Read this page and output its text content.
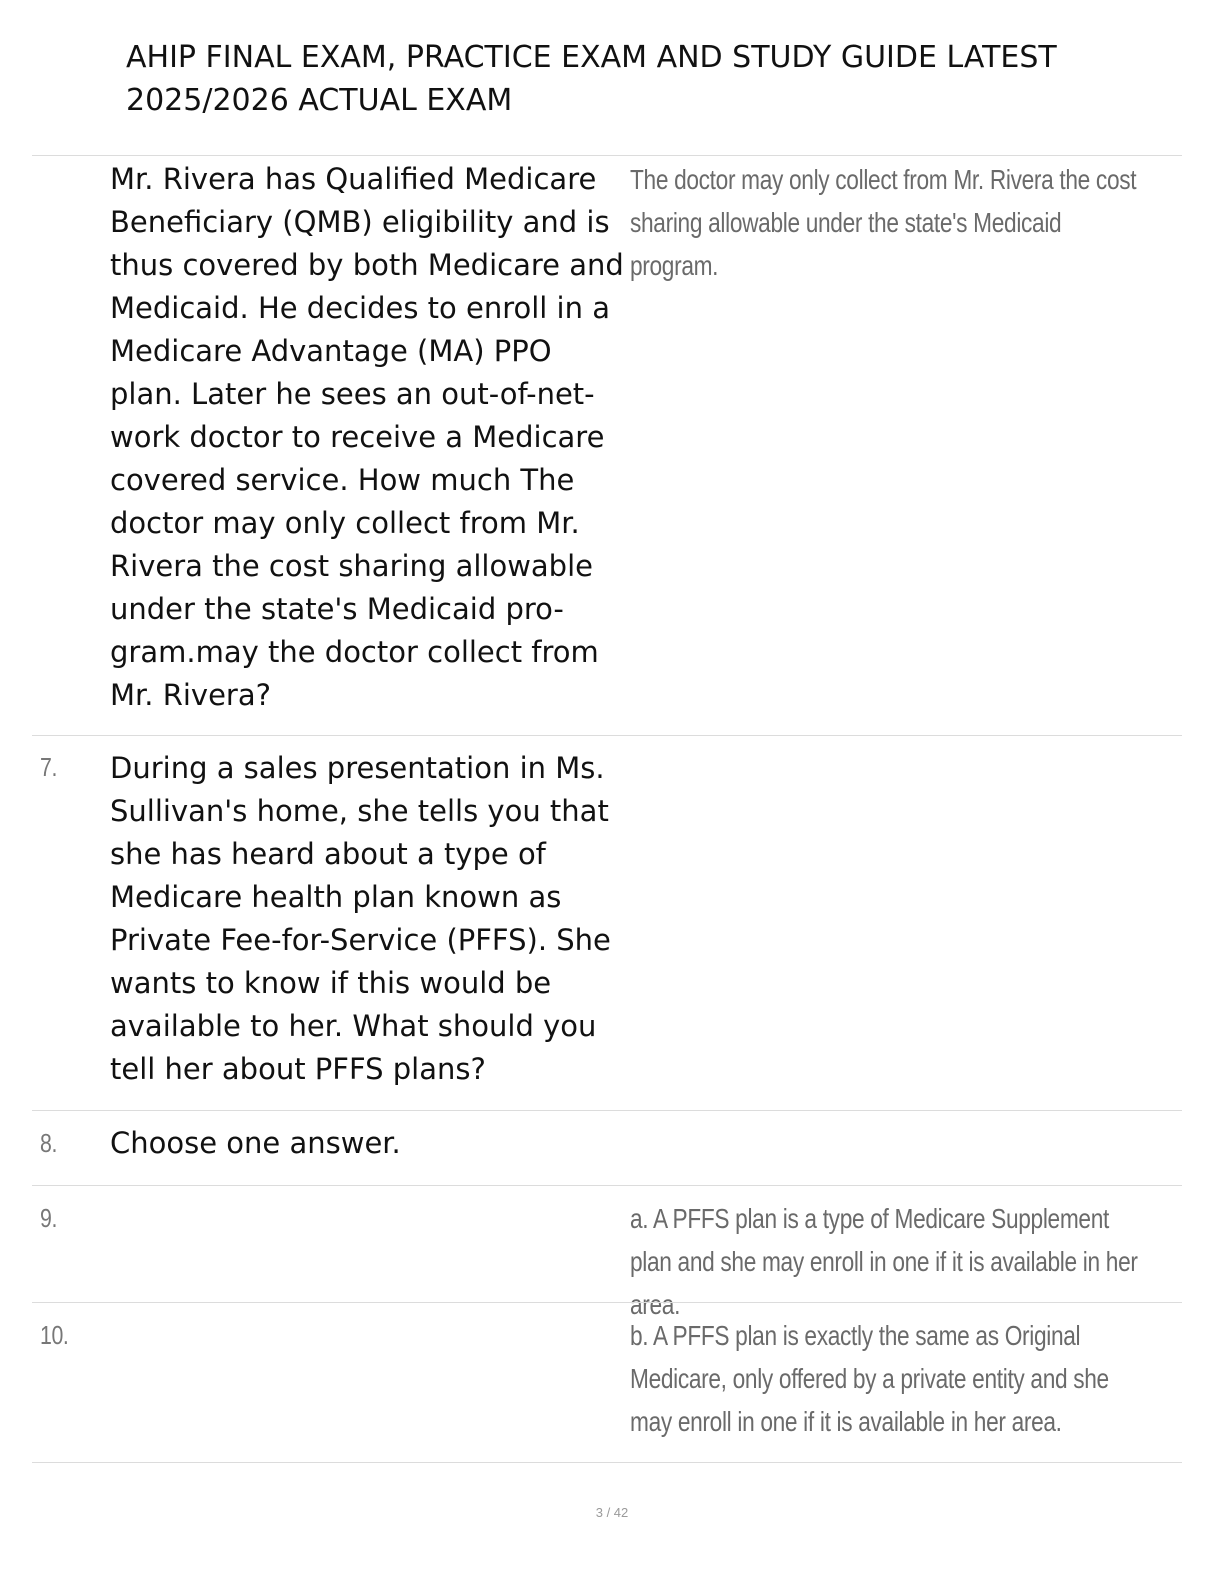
AHIP FINAL EXAM, PRACTICE EXAM AND STUDY GUIDE LATEST 2025/2026 ACTUAL EXAM

Mr. Rivera has Qualified Medicare Beneficiary (QMB) eligibility and is thus covered by both Medicare and Medicaid. He decides to enroll in a Medicare Advantage (MA) PPO plan. Later he sees an out-of-net- work doctor to receive a Medicare covered service. How much The doctor may only collect from Mr. Rivera the cost sharing allowable under the state's Medicaid pro- gram.may the doctor collect from Mr. Rivera?

The doctor may only collect from Mr. Rivera the cost sharing allowable under the state's Medicaid program.

7. During a sales presentation in Ms. Sullivan's home, she tells you that she has heard about a type of Medicare health plan known as Private Fee-for-Service (PFFS). She wants to know if this would be available to her. What should you tell her about PFFS plans?

8. Choose one answer.

9.	a. A PFFS plan is a type of Medicare Supplement plan and she may enroll in one if it is available in her area.

10.	b. A PFFS plan is exactly the same as Original Medicare, only offered by a private entity and she may enroll in one if it is available in her area.

3 / 42
